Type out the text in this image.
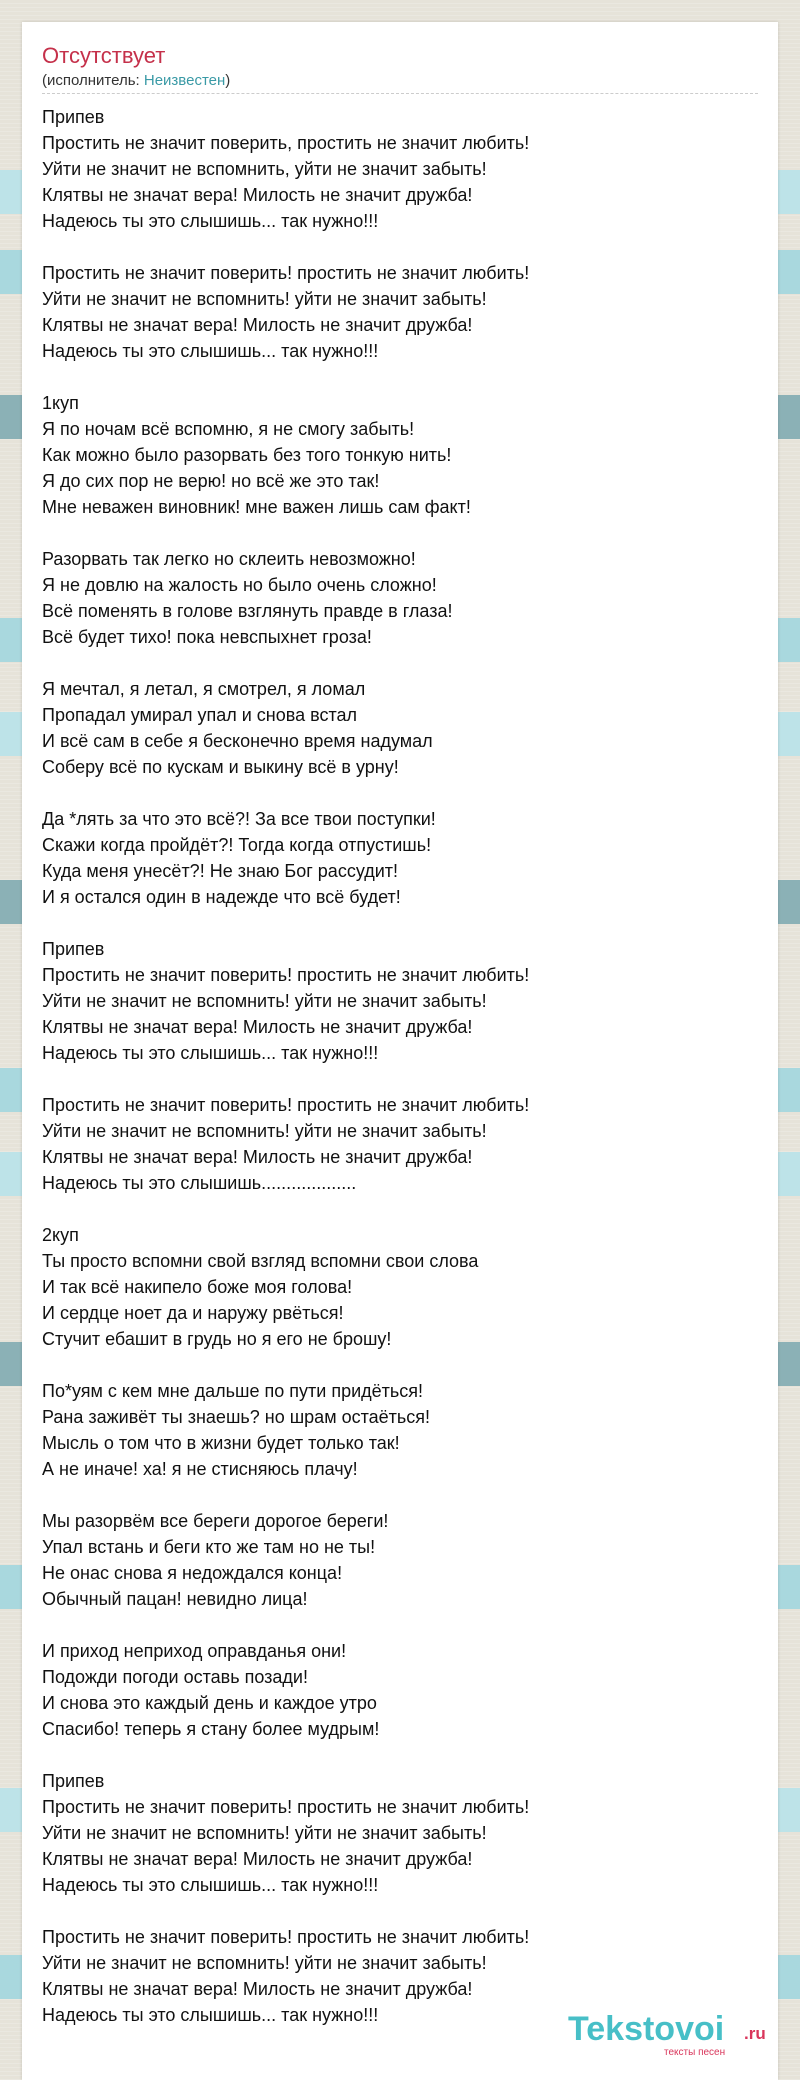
Отсутствует
(исполнитель: Неизвестен)
Припев
Простить не значит поверить, простить не значит любить!
Уйти не значит не вспомнить, уйти не значит забыть!
Клятвы не значат вера! Милость не значит дружба!
Надеюсь ты это слышишь... так нужно!!!
Простить не значит поверить! простить не значит любить!
Уйти не значит не вспомнить! уйти не значит забыть!
Клятвы не значат вера! Милость не значит дружба!
Надеюсь ты это слышишь... так нужно!!!
1куп
Я по ночам всё вспомню, я не смогу забыть!
Как можно было разорвать без того тонкую нить!
Я до сих пор не верю! но всё же это так!
Мне неважен виновник! мне важен лишь сам факт!
Разорвать так легко но склеить невозможно!
Я не довлю на жалость но было очень сложно!
Всё поменять в голове взглянуть правде в глаза!
Всё будет тихо! пока невспыхнет гроза!
Я мечтал, я летал, я смотрел, я ломал
Пропадал умирал упал и снова встал
И всё сам в себе я бесконечно время надумал
Соберу всё по кускам и выкину всё в урну!
Да *лять за что это всё?! За все твои поступки!
Скажи когда пройдёт?! Тогда когда отпустишь!
Куда меня унесёт?! Не знаю Бог рассудит!
И я остался один в надежде что всё будет!
Припев
Простить не значит поверить! простить не значит любить!
Уйти не значит не вспомнить! уйти не значит забыть!
Клятвы не значат вера! Милость не значит дружба!
Надеюсь ты это слышишь... так нужно!!!
Простить не значит поверить! простить не значит любить!
Уйти не значит не вспомнить! уйти не значит забыть!
Клятвы не значат вера! Милость не значит дружба!
Надеюсь ты это слышишь...................
2куп
Ты просто вспомни свой взгляд вспомни свои слова
И так всё накипело боже моя голова!
И сердце ноет да и наружу рвёться!
Стучит ебашит в грудь но я его не брошу!
По*уям с кем мне дальше по пути придёться!
Рана заживёт ты знаешь? но шрам остаёться!
Мысль о том что в жизни будет только так!
А не иначе! ха! я не стисняюсь плачу!
Мы разорвём все береги дорогое береги!
Упал встань и беги кто же там но не ты!
Не онас снова я недождался конца!
Обычный пацан! невидно лица!
И приход неприход оправданья они!
Подожди погоди оставь позади!
И снова это каждый день и каждое утро
Спасибо! теперь я стану более мудрым!
Припев
Простить не значит поверить! простить не значит любить!
Уйти не значит не вспомнить! уйти не значит забыть!
Клятвы не значат вера! Милость не значит дружба!
Надеюсь ты это слышишь... так нужно!!!
Простить не значит поверить! простить не значит любить!
Уйти не значит не вспомнить! уйти не значит забыть!
Клятвы не значат вера! Милость не значит дружба!
Надеюсь ты это слышишь... так нужно!!!	Tekstovoi .ru
тексты песен
